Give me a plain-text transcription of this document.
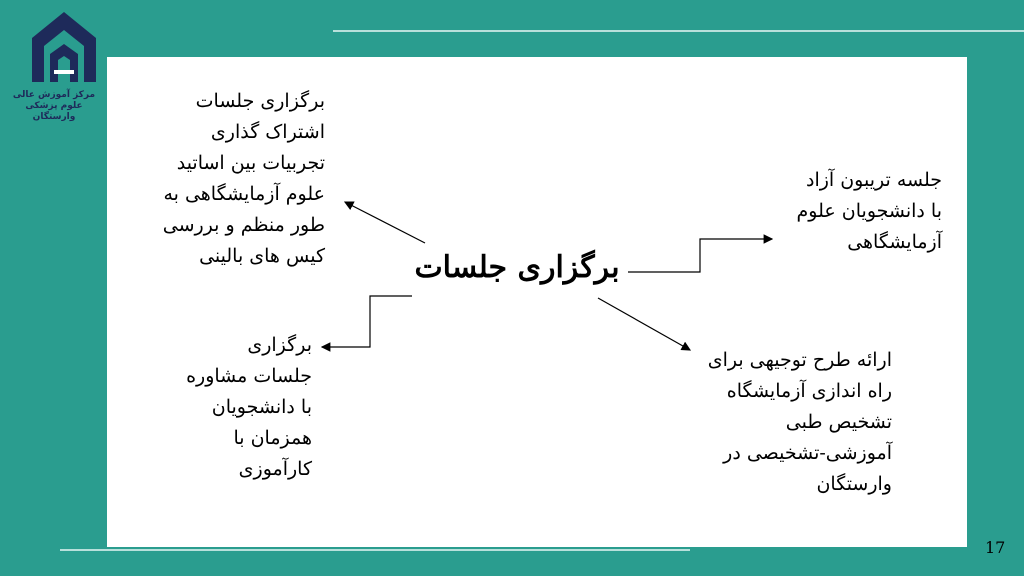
مرکز آموزش عالی
علوم پزشکی
وارستگان
برگزاری جلسات
برگزاری جلسات
اشتراک گذاری
تجربیات بین اساتید
علوم آزمایشگاهی به
طور منظم و بررسی
کیس های بالینی
جلسه تریبون آزاد
با دانشجویان علوم
آزمایشگاهی
برگزاری
جلسات مشاوره
با دانشجویان
همزمان با
کارآموزی
ارائه طرح توجیهی برای
راه اندازی آزمایشگاه
تشخیص طبی
آموزشی-تشخیصی در
وارستگان
17
